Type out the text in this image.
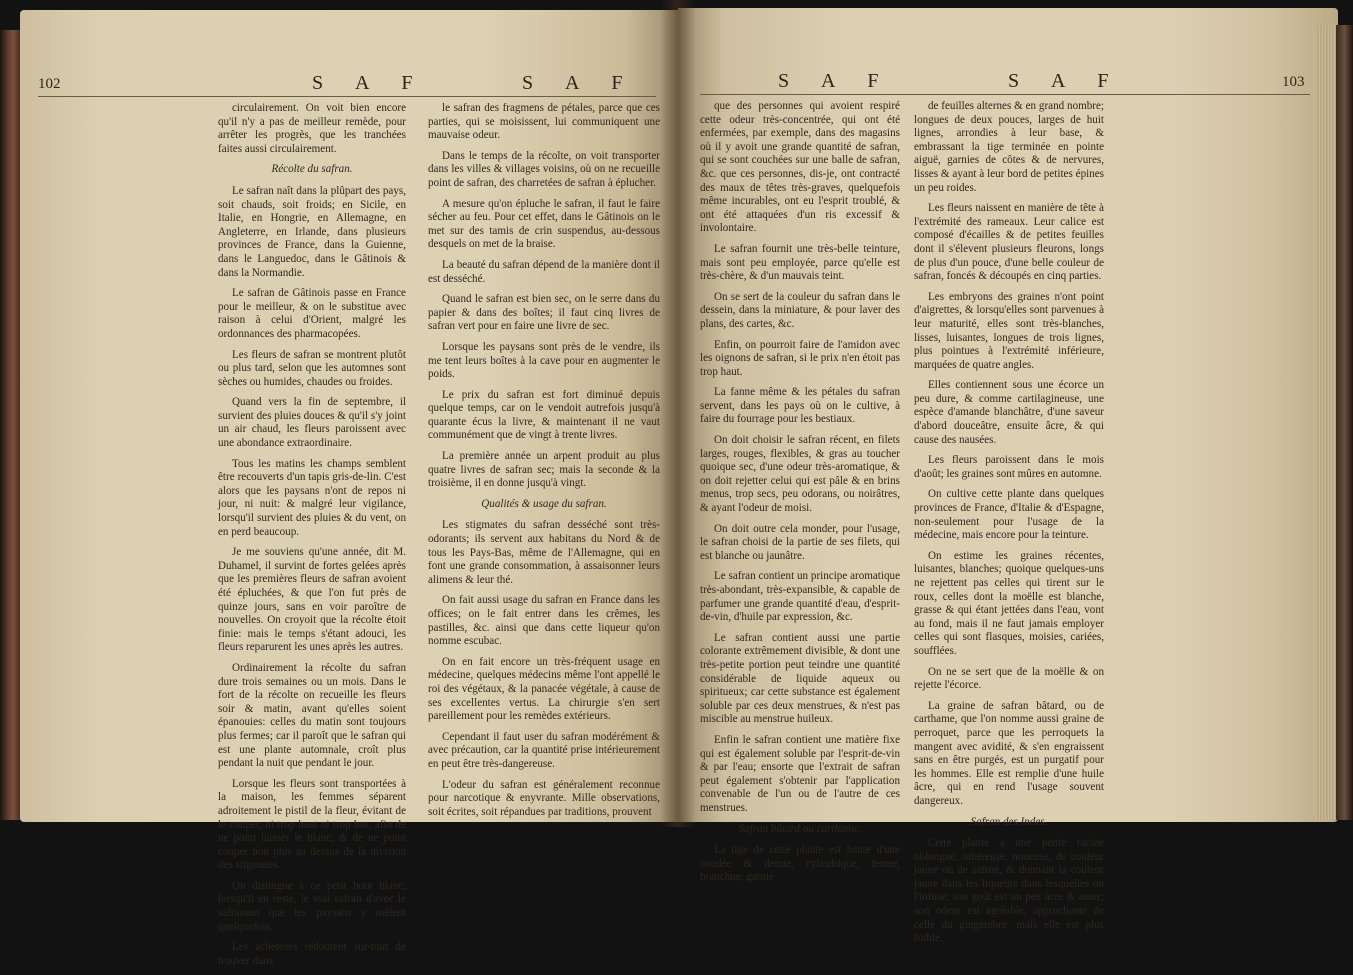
102	S A F	S A F

circulairement. On voit bien encore qu'il n'y a pas de meilleur remède, pour arrêter les progrès, que les tranchées faites aussi circulairement.

Récolte du safran.

Le safran naît dans la plûpart des pays, soit chauds, soit froids; en Sicile, en Italie, en Hongrie, en Allemagne, en Angleterre, en Irlande, dans plusieurs provinces de France, dans la Guienne, dans le Languedoc, dans le Gâtinois & dans la Normandie.

Le safran de Gâtinois passe en France pour le meilleur, & on le substitue avec raison à celui d'Orient, malgré les ordonnances des pharmacopées.

Les fleurs de safran se montrent plutôt ou plus tard, selon que les automnes sont sèches ou humides, chaudes ou froides.

Quand vers la fin de septembre, il survient des pluies douces & qu'il s'y joint un air chaud, les fleurs paroissent avec une abondance extraordinaire.

Tous les matins les champs semblent être recouverts d'un tapis gris-de-lin. C'est alors que les paysans n'ont de repos ni jour, ni nuit: & malgré leur vigilance, lorsqu'il survient des pluies & du vent, on en perd beaucoup.

Je me souviens qu'une année, dit M. Duhamel, il survint de fortes gelées après que les premières fleurs de safran avoient été épluchées, & que l'on fut près de quinze jours, sans en voir paroître de nouvelles. On croyoit que la récolte étoit finie: mais le temps s'étant adouci, les fleurs reparurent les unes après les autres.

Ordinairement la récolte du safran dure trois semaines ou un mois. Dans le fort de la récolte on recueille les fleurs soir & matin, avant qu'elles soient épanouies: celles du matin sont toujours plus fermes; car il paroît que le safran qui est une plante automnale, croît plus pendant la nuit que pendant le jour.

Lorsque les fleurs sont transportées à la maison, les femmes séparent adroitement le pistil de la fleur, évitant de le couper, ni trop haut ni trop bas, afin de ne point laisser le blanc, & de ne point couper non plus au dessus de la division des stigmates.

On distingue à ce petit bout blanc, lorsqu'il en reste, le vrai safran d'avec le safranum que les paysans y mêlent quelquefois.

Les acheteurs redoutent sur-tout de trouver dans

le safran des fragmens de pétales, parce que ces parties, qui se moisissent, lui communiquent une mauvaise odeur.

Dans le temps de la récolte, on voit transporter dans les villes & villages voisins, où on ne recueille point de safran, des charretées de safran à éplucher.

A mesure qu'on épluche le safran, il faut le faire sécher au feu. Pour cet effet, dans le Gâtinois on le met sur des tamis de crin suspendus, au-dessous desquels on met de la braise.

La beauté du safran dépend de la manière dont il est desséché.

Quand le safran est bien sec, on le serre dans du papier & dans des boîtes; il faut cinq livres de safran vert pour en faire une livre de sec.

Lorsque les paysans sont près de le vendre, ils me tent leurs boîtes à la cave pour en augmenter le poids.

Le prix du safran est fort diminué depuis quelque temps, car on le vendoit autrefois jusqu'à quarante écus la livre, & maintenant il ne vaut communément que de vingt à trente livres.

La première année un arpent produit au plus quatre livres de safran sec; mais la seconde & la troisième, il en donne jusqu'à vingt.

Qualités & usage du safran.

Les stigmates du safran desséché sont très-odorants; ils servent aux habitans du Nord & de tous les Pays-Bas, même de l'Allemagne, qui en font une grande consommation, à assaisonner leurs alimens & leur thé.

On fait aussi usage du safran en France dans les offices; on le fait entrer dans les crêmes, les pastilles, &c. ainsi que dans cette liqueur qu'on nomme escubac.

On en fait encore un très-fréquent usage en médecine, quelques médecins même l'ont appellé le roi des végétaux, & la panacée végétale, à cause de ses excellentes vertus. La chirurgie s'en sert pareillement pour les remèdes extérieurs.

Cependant il faut user du safran modérément & avec précaution, car la quantité prise intérieurement en peut être très-dangereuse.

L'odeur du safran est généralement reconnue pour narcotique & enyvrante. Mille observations, soit écrites, soit répandues par traditions, prouvent

S A F	S A F	103

que des personnes qui avoient respiré cette odeur très-concentrée, qui ont été enfermées, par exemple, dans des magasins où il y avoit une grande quantité de safran, qui se sont couchées sur une balle de safran, &c. que ces personnes, dis-je, ont contracté des maux de têtes très-graves, quelquefois même incurables, ont eu l'esprit troublé, & ont été attaquées d'un ris excessif & involontaire.

Le safran fournit une très-belle teinture, mais sont peu employée, parce qu'elle est très-chère, & d'un mauvais teint.

On se sert de la couleur du safran dans le dessein, dans la miniature, & pour laver des plans, des cartes, &c.

Enfin, on pourroit faire de l'amidon avec les oignons de safran, si le prix n'en étoit pas trop haut.

La fanne même & les pétales du safran servent, dans les pays où on le cultive, à faire du fourrage pour les bestiaux.

On doit choisir le safran récent, en filets larges, rouges, flexibles, & gras au toucher quoique sec, d'une odeur très-aromatique, & on doit rejetter celui qui est pâle & en brins menus, trop secs, peu odorans, ou noirâtres, & ayant l'odeur de moisi.

On doit outre cela monder, pour l'usage, le safran choisi de la partie de ses filets, qui est blanche ou jaunâtre.

Le safran contient un principe aromatique très-abondant, très-expansible, & capable de parfumer une grande quantité d'eau, d'esprit-de-vin, d'huile par expression, &c.

Le safran contient aussi une partie colorante extrêmement divisible, & dont une très-petite portion peut teindre une quantité considérable de liquide aqueux ou spiritueux; car cette substance est également soluble par ces deux menstrues, & n'est pas miscible au menstrue huileux.

Enfin le safran contient une matière fixe qui est également soluble par l'esprit-de-vin & par l'eau; ensorte que l'extrait de safran peut également s'obtenir par l'application convenable de l'un ou de l'autre de ces menstrues.

Safran bâtard ou carthame.

La tige de cette plante est haute d'une coudée & demie, cylindrique, ferme, branchue, garnie

de feuilles alternes & en grand nombre; longues de deux pouces, larges de huit lignes, arrondies à leur base, & embrassant la tige terminée en pointe aiguë, garnies de côtes & de nervures, lisses & ayant à leur bord de petites épines un peu roides.

Les fleurs naissent en manière de tête à l'extrémité des rameaux. Leur calice est composé d'écailles & de petites feuilles dont il s'élevent plusieurs fleurons, longs de plus d'un pouce, d'une belle couleur de safran, foncés & découpés en cinq parties.

Les embryons des graines n'ont point d'aigrettes, & lorsqu'elles sont parvenues à leur maturité, elles sont très-blanches, lisses, luisantes, longues de trois lignes, plus pointues à l'extrémité inférieure, marquées de quatre angles.

Elles contiennent sous une écorce un peu dure, & comme cartilagineuse, une espèce d'amande blanchâtre, d'une saveur d'abord douceâtre, ensuite âcre, & qui cause des nausées.

Les fleurs paroissent dans le mois d'août; les graines sont mûres en automne.

On cultive cette plante dans quelques provinces de France, d'Italie & d'Espagne, non-seulement pour l'usage de la médecine, mais encore pour la teinture.

On estime les graines récentes, luisantes, blanches; quoique quelques-uns ne rejettent pas celles qui tirent sur le roux, celles dont la moëlle est blanche, grasse & qui étant jettées dans l'eau, vont au fond, mais il ne faut jamais employer celles qui sont flasques, moisies, cariées, soufflées.

On ne se sert que de la moëlle & on rejette l'écorce.

La graine de safran bâtard, ou de carthame, que l'on nomme aussi graine de perroquet, parce que les perroquets la mangent avec avidité, & s'en engraissent sans en être purgés, est un purgatif pour les hommes. Elle est remplie d'une huile âcre, qui en rend l'usage souvent dangereux.

Safran des Indes.

Cette plante a une petite racine oblongue, tubéreuse, noueuse, de couleur jaune ou de safran, & donnant la couleur jaune dans les liqueurs dans lesquelles on l'infuse; son goût est un peu âcre & amer; son odeur est agréable, approchante de celle du gingembre, mais elle est plus foible.
